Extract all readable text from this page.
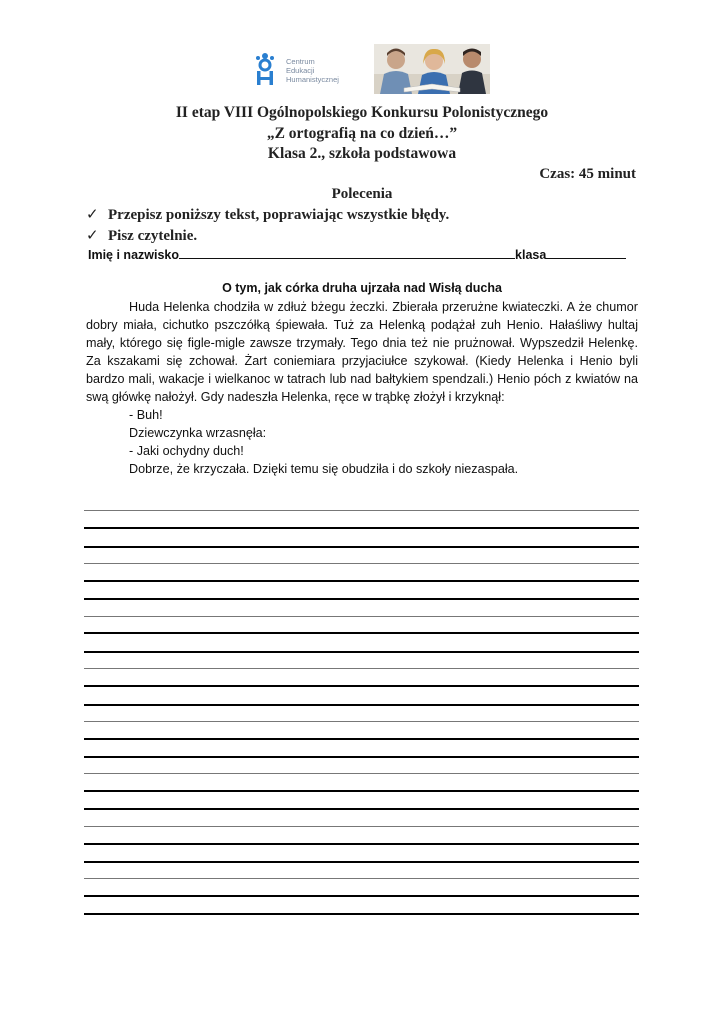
Centrum
Edukacji
Humanistycznej
II etap VIII Ogólnopolskiego Konkursu Polonistycznego
„Z ortografią na co dzień…”
Klasa 2., szkoła podstawowa
Czas: 45 minut
Polecenia
✓ Przepisz poniższy tekst, poprawiając wszystkie błędy.
✓ Pisz czytelnie.
Imię i nazwisko	klasa
O tym, jak córka druha ujrzała nad Wisłą ducha

Huda Helenka chodziła w zdłuż bżegu żeczki. Zbierała przerużne kwiateczki. A że chumor dobry miała, cichutko pszczółką śpiewała. Tuż za Helenką podążał zuh Henio. Hałaśliwy hultaj mały, którego się figle-migle zawsze trzymały. Tego dnia też nie prużnował. Wypszedził Helenkę. Za kszakami się zchował. Żart coniemiara przyjaciułce szykował. (Kiedy Helenka i Henio byli bardzo mali, wakacje i wielkanoc w tatrach lub nad bałtykiem spendzali.) Henio póch z kwiatów na swą główkę nałożył. Gdy nadeszła Helenka, ręce w trąbkę złożył i krzyknął:

- Buh!

Dziewczynka wrzasnęła:

- Jaki ochydny duch!

Dobrze, że krzyczała. Dzięki temu się obudziła i do szkoły niezaspała.
